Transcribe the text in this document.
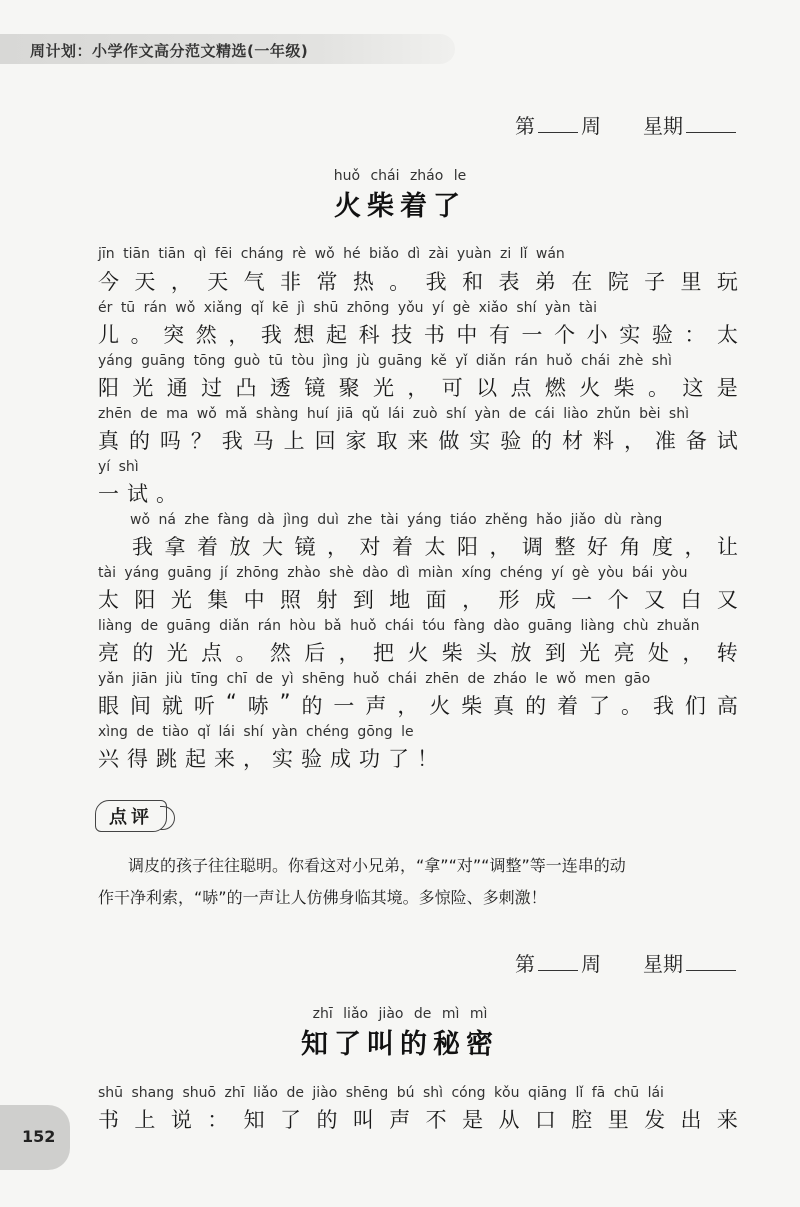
周计划：小学作文高分范文精选(一年级)
第 周 星期
huǒ chái zháo le
火柴着了
jīn tiān tiān qì fēi cháng rè wǒ hé biǎo dì zài yuàn zi lǐ wán
今 天 ， 天 气 非 常 热 。 我 和 表 弟 在 院 子 里 玩
ér tū rán wǒ xiǎng qǐ kē jì shū zhōng yǒu yí gè xiǎo shí yàn tài
儿 。 突 然 ， 我 想 起 科 技 书 中 有 一 个 小 实 验 ： 太
yáng guāng tōng guò tū tòu jìng jù guāng kě yǐ diǎn rán huǒ chái zhè shì
阳 光 通 过 凸 透 镜 聚 光 ， 可 以 点 燃 火 柴 。 这 是
zhēn de ma wǒ mǎ shàng huí jiā qǔ lái zuò shí yàn de cái liào zhǔn bèi shì
真 的 吗 ？ 我 马 上 回 家 取 来 做 实 验 的 材 料 ， 准 备 试
yí shì
一 试 。
wǒ ná zhe fàng dà jìng duì zhe tài yáng tiáo zhěng hǎo jiǎo dù ràng
我 拿 着 放 大 镜 ， 对 着 太 阳 ， 调 整 好 角 度 ， 让
tài yáng guāng jí zhōng zhào shè dào dì miàn xíng chéng yí gè yòu bái yòu
太 阳 光 集 中 照 射 到 地 面 ， 形 成 一 个 又 白 又
liàng de guāng diǎn rán hòu bǎ huǒ chái tóu fàng dào guāng liàng chù zhuǎn
亮 的 光 点 。 然 后 ， 把 火 柴 头 放 到 光 亮 处 ， 转
yǎn jiān jiù tīng chī de yì shēng huǒ chái zhēn de zháo le wǒ men gāo
眼 间 就 听 “ 哧 ” 的 一 声 ， 火 柴 真 的 着 了 。 我 们 高
xìng de tiào qǐ lái shí yàn chéng gōng le
兴 得 跳 起 来 ， 实 验 成 功 了 ！
点评
调皮的孩子往往聪明。你看这对小兄弟，“拿”“对”“调整”等一连串的动
作干净利索，“哧”的一声让人仿佛身临其境。多惊险、多刺激！
第 周 星期
zhī liǎo jiào de mì mì
知了叫的秘密
shū shang shuō zhī liǎo de jiào shēng bú shì cóng kǒu qiāng lǐ fā chū lái
书 上 说 ： 知 了 的 叫 声 不 是 从 口 腔 里 发 出 来
152
